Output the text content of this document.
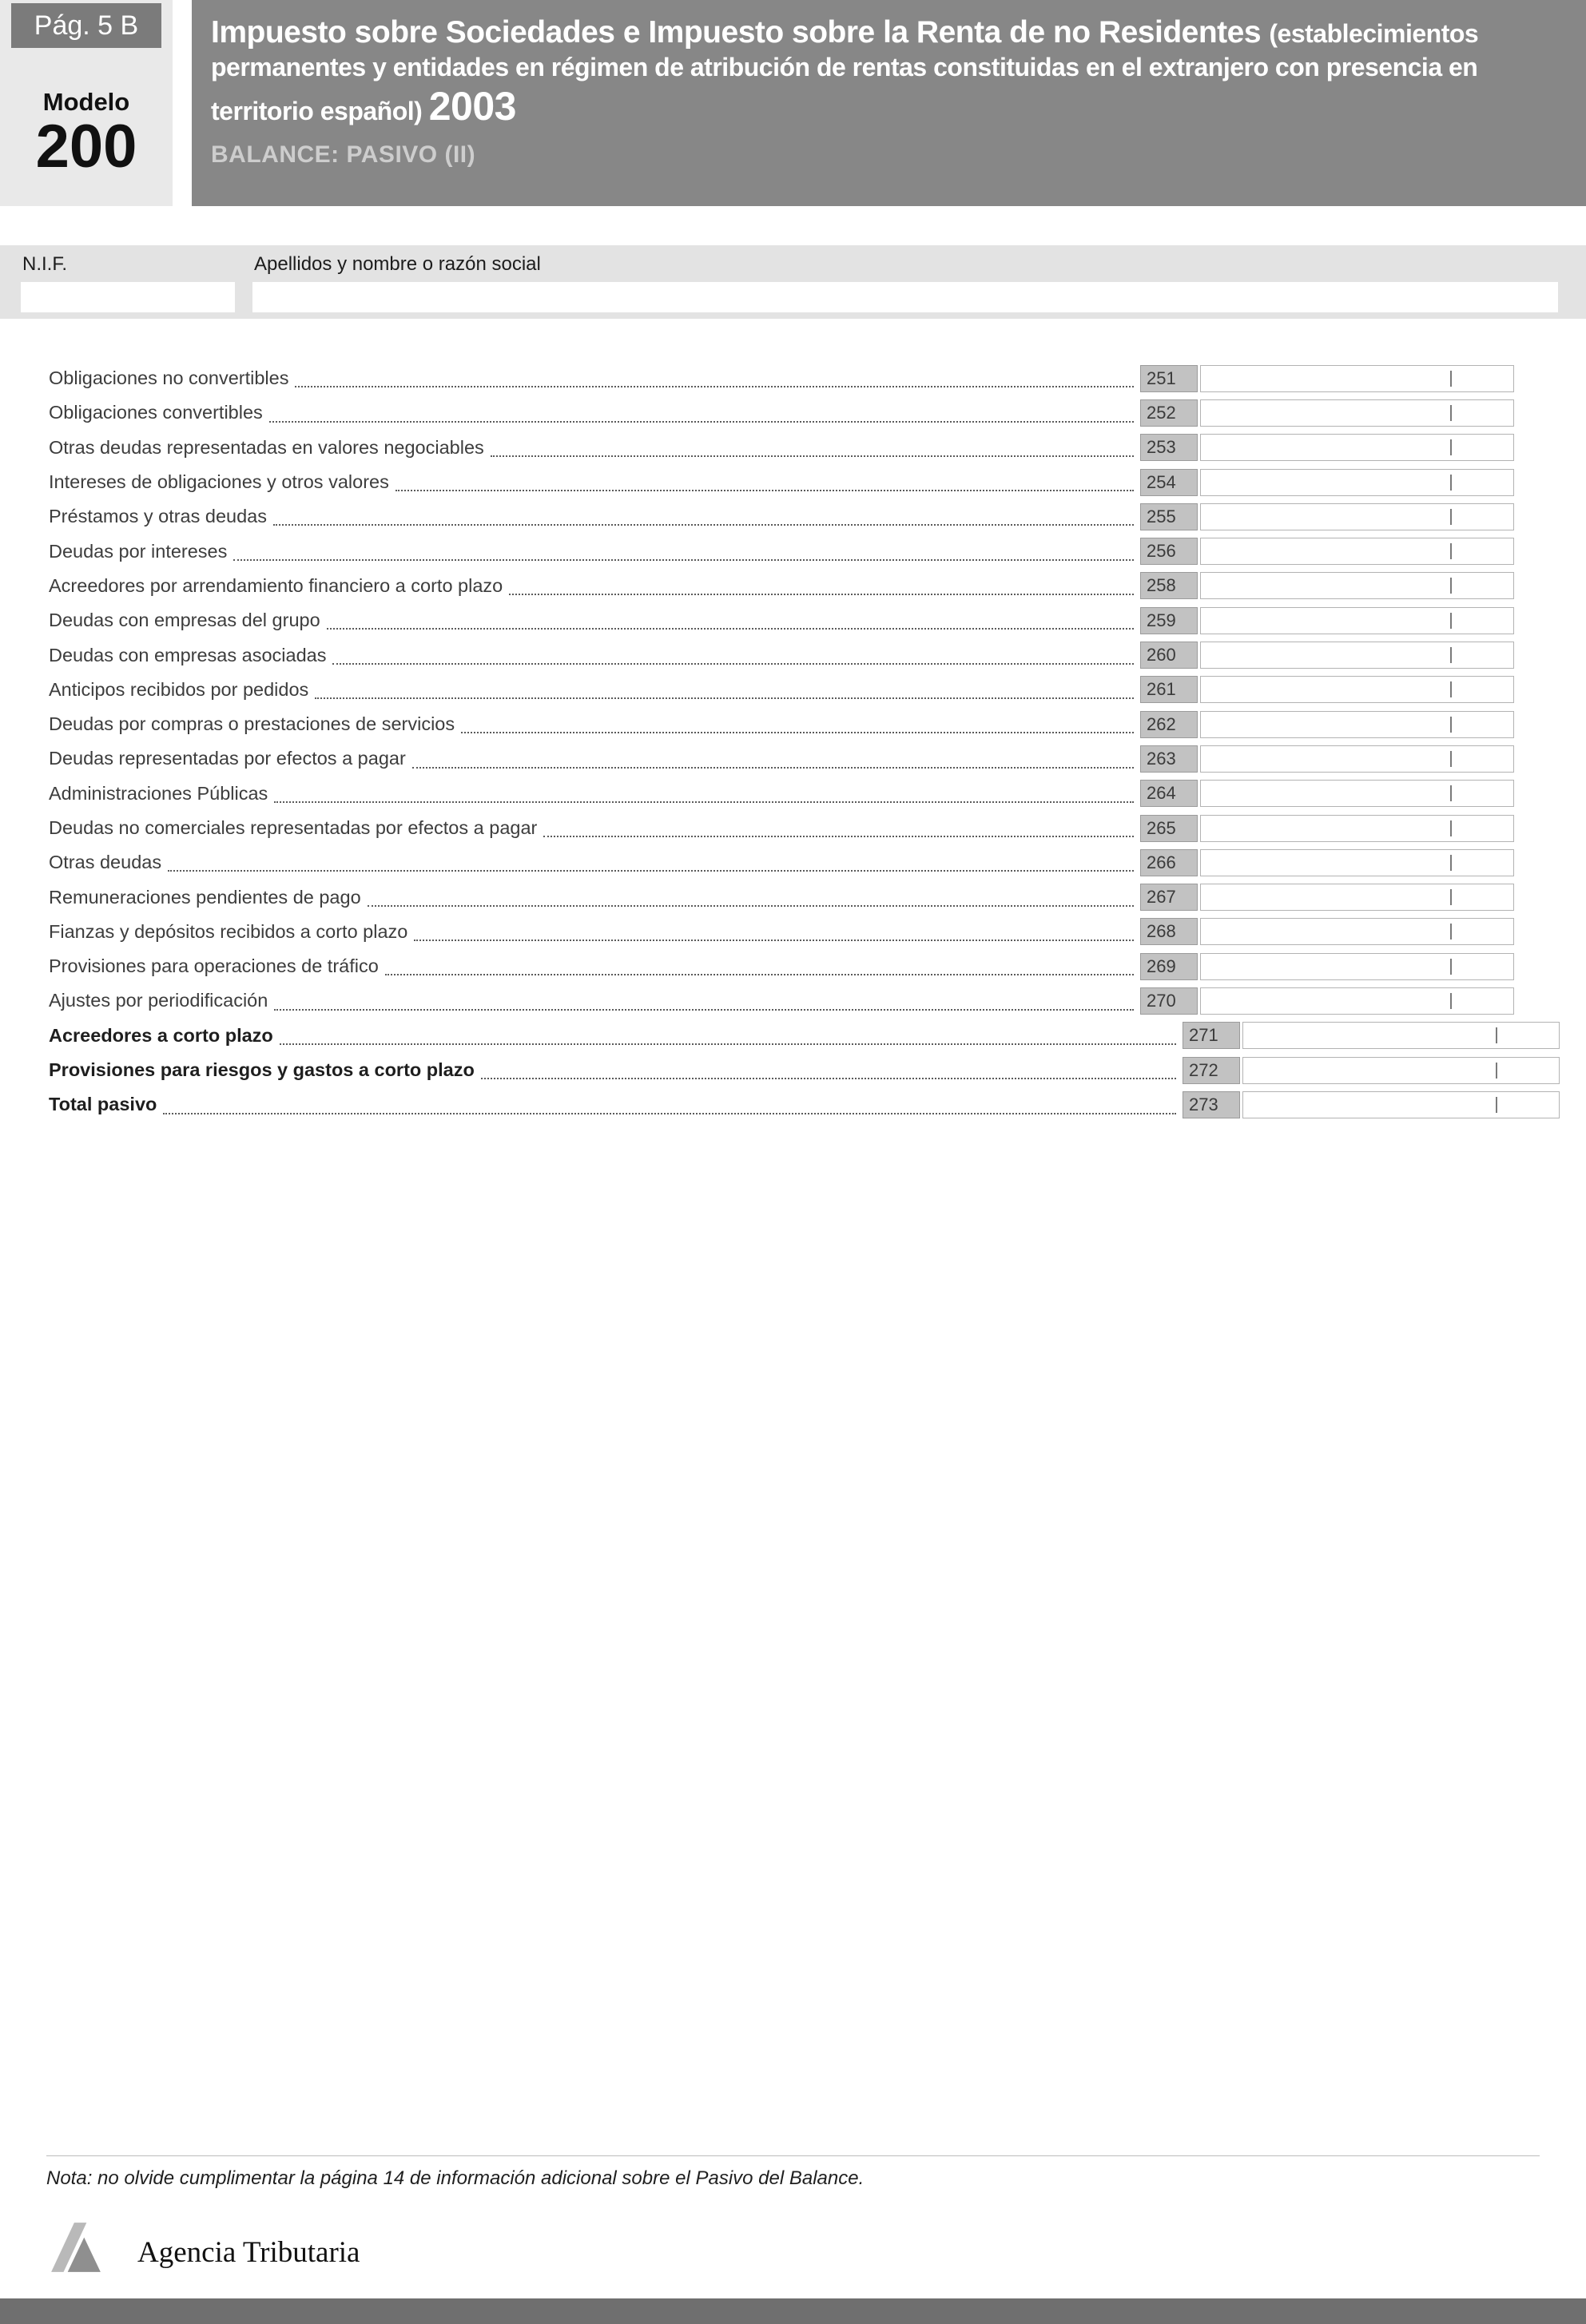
Pág. 5 B
Modelo
200
Impuesto sobre Sociedades e Impuesto sobre la Renta de no Residentes (establecimientos permanentes y entidades en régimen de atribución de rentas constituidas en el extranjero con presencia en territorio español) 2003
BALANCE: PASIVO (II)
N.I.F.	Apellidos y nombre o razón social
Obligaciones no convertibles	251
Obligaciones convertibles	252
Otras deudas representadas en valores negociables	253
Intereses de obligaciones y otros valores	254
Préstamos y otras deudas	255
Deudas por intereses	256
Acreedores por arrendamiento financiero a corto plazo	258
Deudas con empresas del grupo	259
Deudas con empresas asociadas	260
Anticipos recibidos por pedidos	261
Deudas por compras o prestaciones de servicios	262
Deudas representadas por efectos a pagar	263
Administraciones Públicas	264
Deudas no comerciales representadas por efectos a pagar	265
Otras deudas	266
Remuneraciones pendientes de pago	267
Fianzas y depósitos recibidos a corto plazo	268
Provisiones para operaciones de tráfico	269
Ajustes por periodificación	270
Acreedores a corto plazo	271
Provisiones para riesgos y gastos a corto plazo	272
Total pasivo	273
Nota: no olvide cumplimentar la página 14 de información adicional sobre el Pasivo del Balance.
Agencia Tributaria
